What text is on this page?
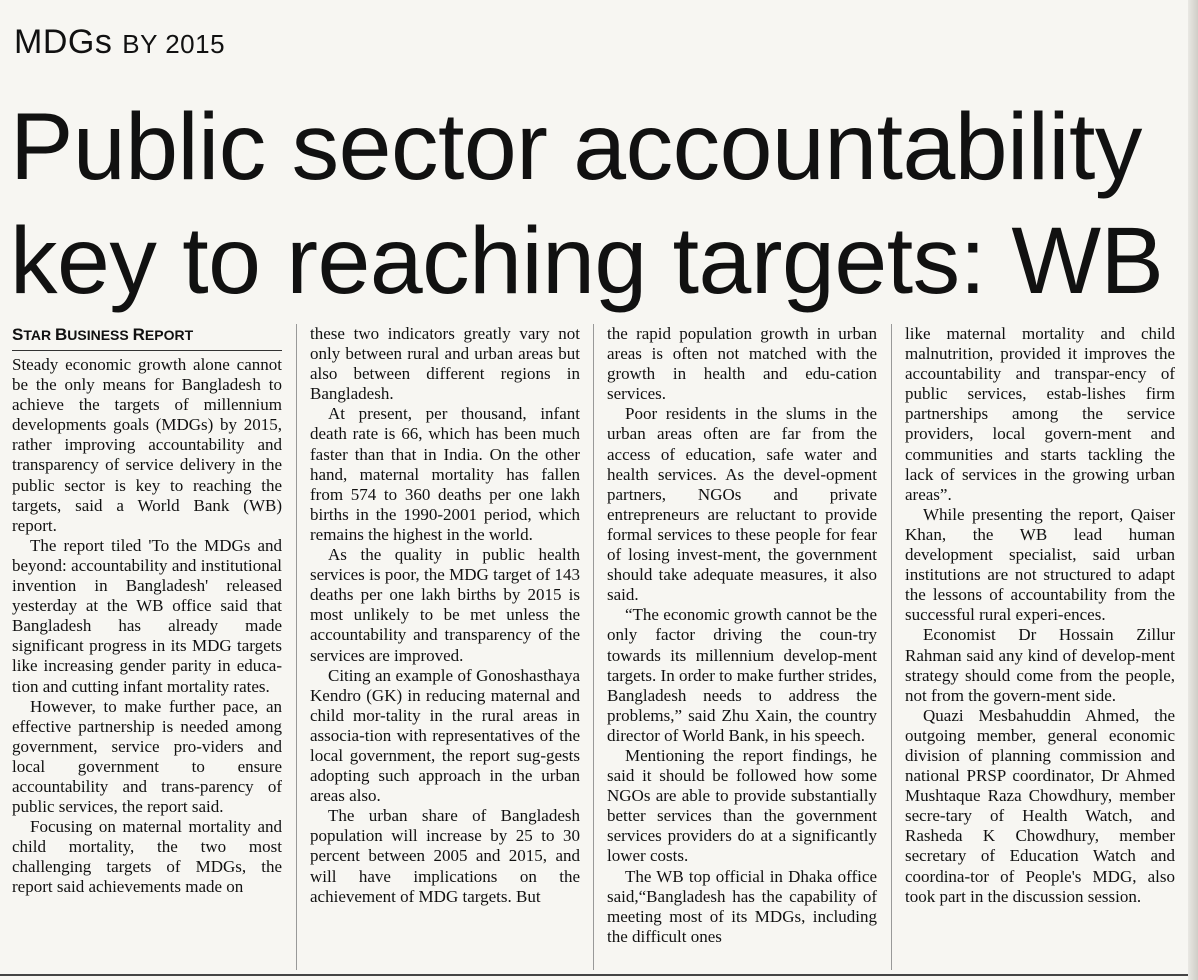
MDGs BY 2015
Public sector accountability key to reaching targets: WB
STAR BUSINESS REPORT

Steady economic growth alone cannot be the only means for Bangladesh to achieve the targets of millennium developments goals (MDGs) by 2015, rather improving accountability and transparency of service delivery in the public sector is key to reaching the targets, said a World Bank (WB) report.

The report tiled 'To the MDGs and beyond: accountability and institutional invention in Bangladesh' released yesterday at the WB office said that Bangladesh has already made significant progress in its MDG targets like increasing gender parity in educa-tion and cutting infant mortality rates.

However, to make further pace, an effective partnership is needed among government, service pro-viders and local government to ensure accountability and trans-parency of public services, the report said.

Focusing on maternal mortality and child mortality, the two most challenging targets of MDGs, the report said achievements made on

these two indicators greatly vary not only between rural and urban areas but also between different regions in Bangladesh.

At present, per thousand, infant death rate is 66, which has been much faster than that in India. On the other hand, maternal mortality has fallen from 574 to 360 deaths per one lakh births in the 1990-2001 period, which remains the highest in the world.

As the quality in public health services is poor, the MDG target of 143 deaths per one lakh births by 2015 is most unlikely to be met unless the accountability and transparency of the services are improved.

Citing an example of Gonoshasthaya Kendro (GK) in reducing maternal and child mor-tality in the rural areas in associa-tion with representatives of the local government, the report sug-gests adopting such approach in the urban areas also.

The urban share of Bangladesh population will increase by 25 to 30 percent between 2005 and 2015, and will have implications on the achievement of MDG targets. But

the rapid population growth in urban areas is often not matched with the growth in health and edu-cation services.

Poor residents in the slums in the urban areas often are far from the access of education, safe water and health services. As the devel-opment partners, NGOs and private entrepreneurs are reluctant to provide formal services to these people for fear of losing invest-ment, the government should take adequate measures, it also said.

“The economic growth cannot be the only factor driving the coun-try towards its millennium develop-ment targets. In order to make further strides, Bangladesh needs to address the problems,” said Zhu Xain, the country director of World Bank, in his speech.

Mentioning the report findings, he said it should be followed how some NGOs are able to provide substantially better services than the government services providers do at a significantly lower costs.

The WB top official in Dhaka office said,“Bangladesh has the capability of meeting most of its MDGs, including the difficult ones

like maternal mortality and child malnutrition, provided it improves the accountability and transpar-ency of public services, estab-lishes firm partnerships among the service providers, local govern-ment and communities and starts tackling the lack of services in the growing urban areas”.

While presenting the report, Qaiser Khan, the WB lead human development specialist, said urban institutions are not structured to adapt the lessons of accountability from the successful rural experi-ences.

Economist Dr Hossain Zillur Rahman said any kind of develop-ment strategy should come from the people, not from the govern-ment side.

Quazi Mesbahuddin Ahmed, the outgoing member, general economic division of planning commission and national PRSP coordinator, Dr Ahmed Mushtaque Raza Chowdhury, member secre-tary of Health Watch, and Rasheda K Chowdhury, member secretary of Education Watch and coordina-tor of People's MDG, also took part in the discussion session.
